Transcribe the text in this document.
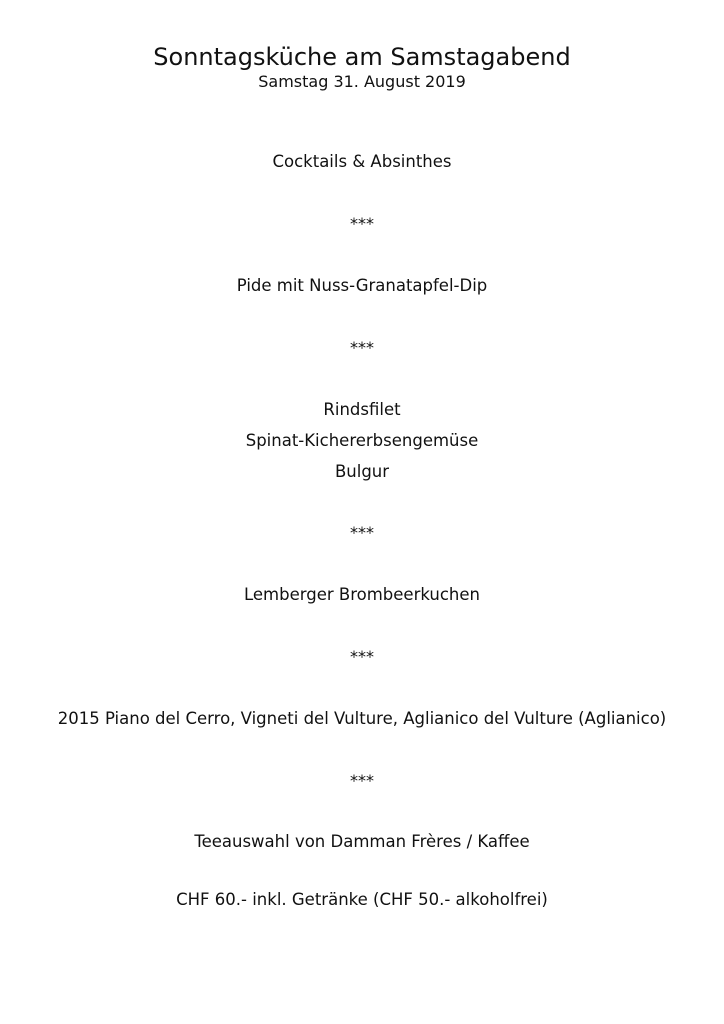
Sonntagsküche am Samstagabend
Samstag 31. August 2019
Cocktails & Absinthes
***
Pide mit Nuss-Granatapfel-Dip
***
Rindsfilet
Spinat-Kichererbsengemüse
Bulgur
***
Lemberger Brombeerkuchen
***
2015 Piano del Cerro, Vigneti del Vulture, Aglianico del Vulture (Aglianico)
***
Teeauswahl von Damman Frères / Kaffee
CHF 60.- inkl. Getränke (CHF 50.- alkoholfrei)
